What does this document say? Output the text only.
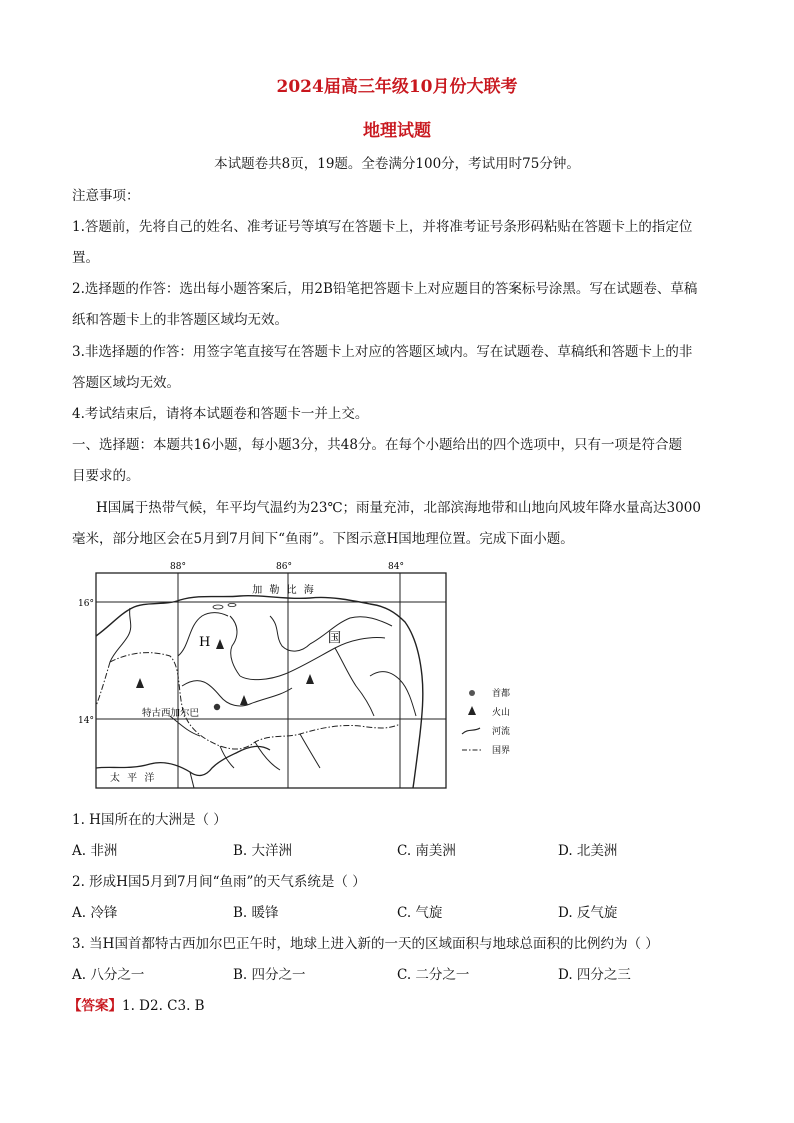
2024届高三年级10月份大联考
地理试题
本试题卷共8页，19题。全卷满分100分，考试用时75分钟。
注意事项：
1.答题前，先将自己的姓名、准考证号等填写在答题卡上，并将准考证号条形码粘贴在答题卡上的指定位
置。
2.选择题的作答：选出每小题答案后，用2B铅笔把答题卡上对应题目的答案标号涂黑。写在试题卷、草稿
纸和答题卡上的非答题区域均无效。
3.非选择题的作答：用签字笔直接写在答题卡上对应的答题区域内。写在试题卷、草稿纸和答题卡上的非
答题区域均无效。
4.考试结束后，请将本试题卷和答题卡一并上交。
一、选择题：本题共16小题，每小题3分，共48分。在每个小题给出的四个选项中，只有一项是符合题
目要求的。
H国属于热带气候，年平均气温约为23℃；雨量充沛，北部滨海地带和山地向风坡年降水量高达3000
毫米，部分地区会在5月到7月间下“鱼雨”。下图示意H国地理位置。完成下面小题。
88°	86°	84°
16°
14°
H	国
加 勒 比 海
太 平 洋
特古西加尔巴
首都
火山
河流
国界
1. H国所在的大洲是（ ）
A. 非洲	B. 大洋洲	C. 南美洲	D. 北美洲
2. 形成H国5月到7月间“鱼雨”的天气系统是（ ）
A. 冷锋	B. 暖锋	C. 气旋	D. 反气旋
3. 当H国首都特古西加尔巴正午时，地球上进入新的一天的区域面积与地球总面积的比例约为（ ）
A. 八分之一	B. 四分之一	C. 二分之一	D. 四分之三
【答案】1. D2. C3. B
